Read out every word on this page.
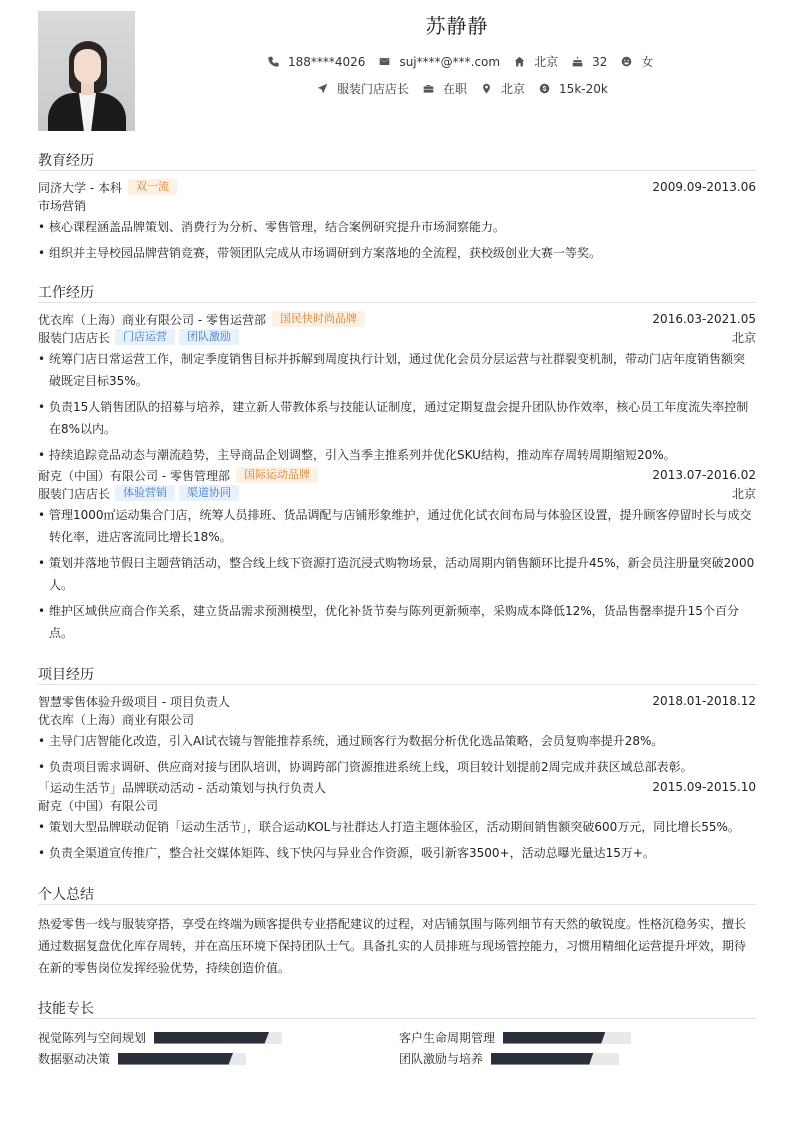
苏静静
188****4026	suj****@***.com	北京	32	女
服装门店店长	在职	北京	15k-20k
教育经历
同济大学 - 本科	双一流	2009.09-2013.06
市场营销
• 核心课程涵盖品牌策划、消费行为分析、零售管理，结合案例研究提升市场洞察能力。
• 组织并主导校园品牌营销竞赛，带领团队完成从市场调研到方案落地的全流程，获校级创业大赛一等奖。
工作经历
优衣库（上海）商业有限公司 - 零售运营部	国民快时尚品牌	2016.03-2021.05
服装门店店长	门店运营	团队激励	北京
• 统筹门店日常运营工作，制定季度销售目标并拆解到周度执行计划，通过优化会员分层运营与社群裂变机制，带动门店年度销售额突破既定目标35%。
• 负责15人销售团队的招募与培养，建立新人带教体系与技能认证制度，通过定期复盘会提升团队协作效率，核心员工年度流失率控制在8%以内。
• 持续追踪竞品动态与潮流趋势，主导商品企划调整，引入当季主推系列并优化SKU结构，推动库存周转周期缩短20%。
耐克（中国）有限公司 - 零售管理部	国际运动品牌	2013.07-2016.02
服装门店店长	体验营销	渠道协同	北京
• 管理1000㎡运动集合门店，统筹人员排班、货品调配与店铺形象维护，通过优化试衣间布局与体验区设置，提升顾客停留时长与成交转化率，进店客流同比增长18%。
• 策划并落地节假日主题营销活动，整合线上线下资源打造沉浸式购物场景，活动周期内销售额环比提升45%，新会员注册量突破2000人。
• 维护区域供应商合作关系，建立货品需求预测模型，优化补货节奏与陈列更新频率，采购成本降低12%，货品售罄率提升15个百分点。
项目经历
智慧零售体验升级项目 - 项目负责人	2018.01-2018.12
优衣库（上海）商业有限公司
• 主导门店智能化改造，引入AI试衣镜与智能推荐系统，通过顾客行为数据分析优化选品策略，会员复购率提升28%。
• 负责项目需求调研、供应商对接与团队培训，协调跨部门资源推进系统上线，项目较计划提前2周完成并获区域总部表彰。
「运动生活节」品牌联动活动 - 活动策划与执行负责人	2015.09-2015.10
耐克（中国）有限公司
• 策划大型品牌联动促销「运动生活节」，联合运动KOL与社群达人打造主题体验区，活动期间销售额突破600万元，同比增长55%。
• 负责全渠道宣传推广，整合社交媒体矩阵、线下快闪与异业合作资源，吸引新客3500+，活动总曝光量达15万+。
个人总结
热爱零售一线与服装穿搭，享受在终端为顾客提供专业搭配建议的过程，对店铺氛围与陈列细节有天然的敏锐度。性格沉稳务实，擅长通过数据复盘优化库存周转，并在高压环境下保持团队士气。具备扎实的人员排班与现场管控能力，习惯用精细化运营提升坪效，期待在新的零售岗位发挥经验优势，持续创造价值。
技能专长
视觉陈列与空间规划	客户生命周期管理
数据驱动决策	团队激励与培养
